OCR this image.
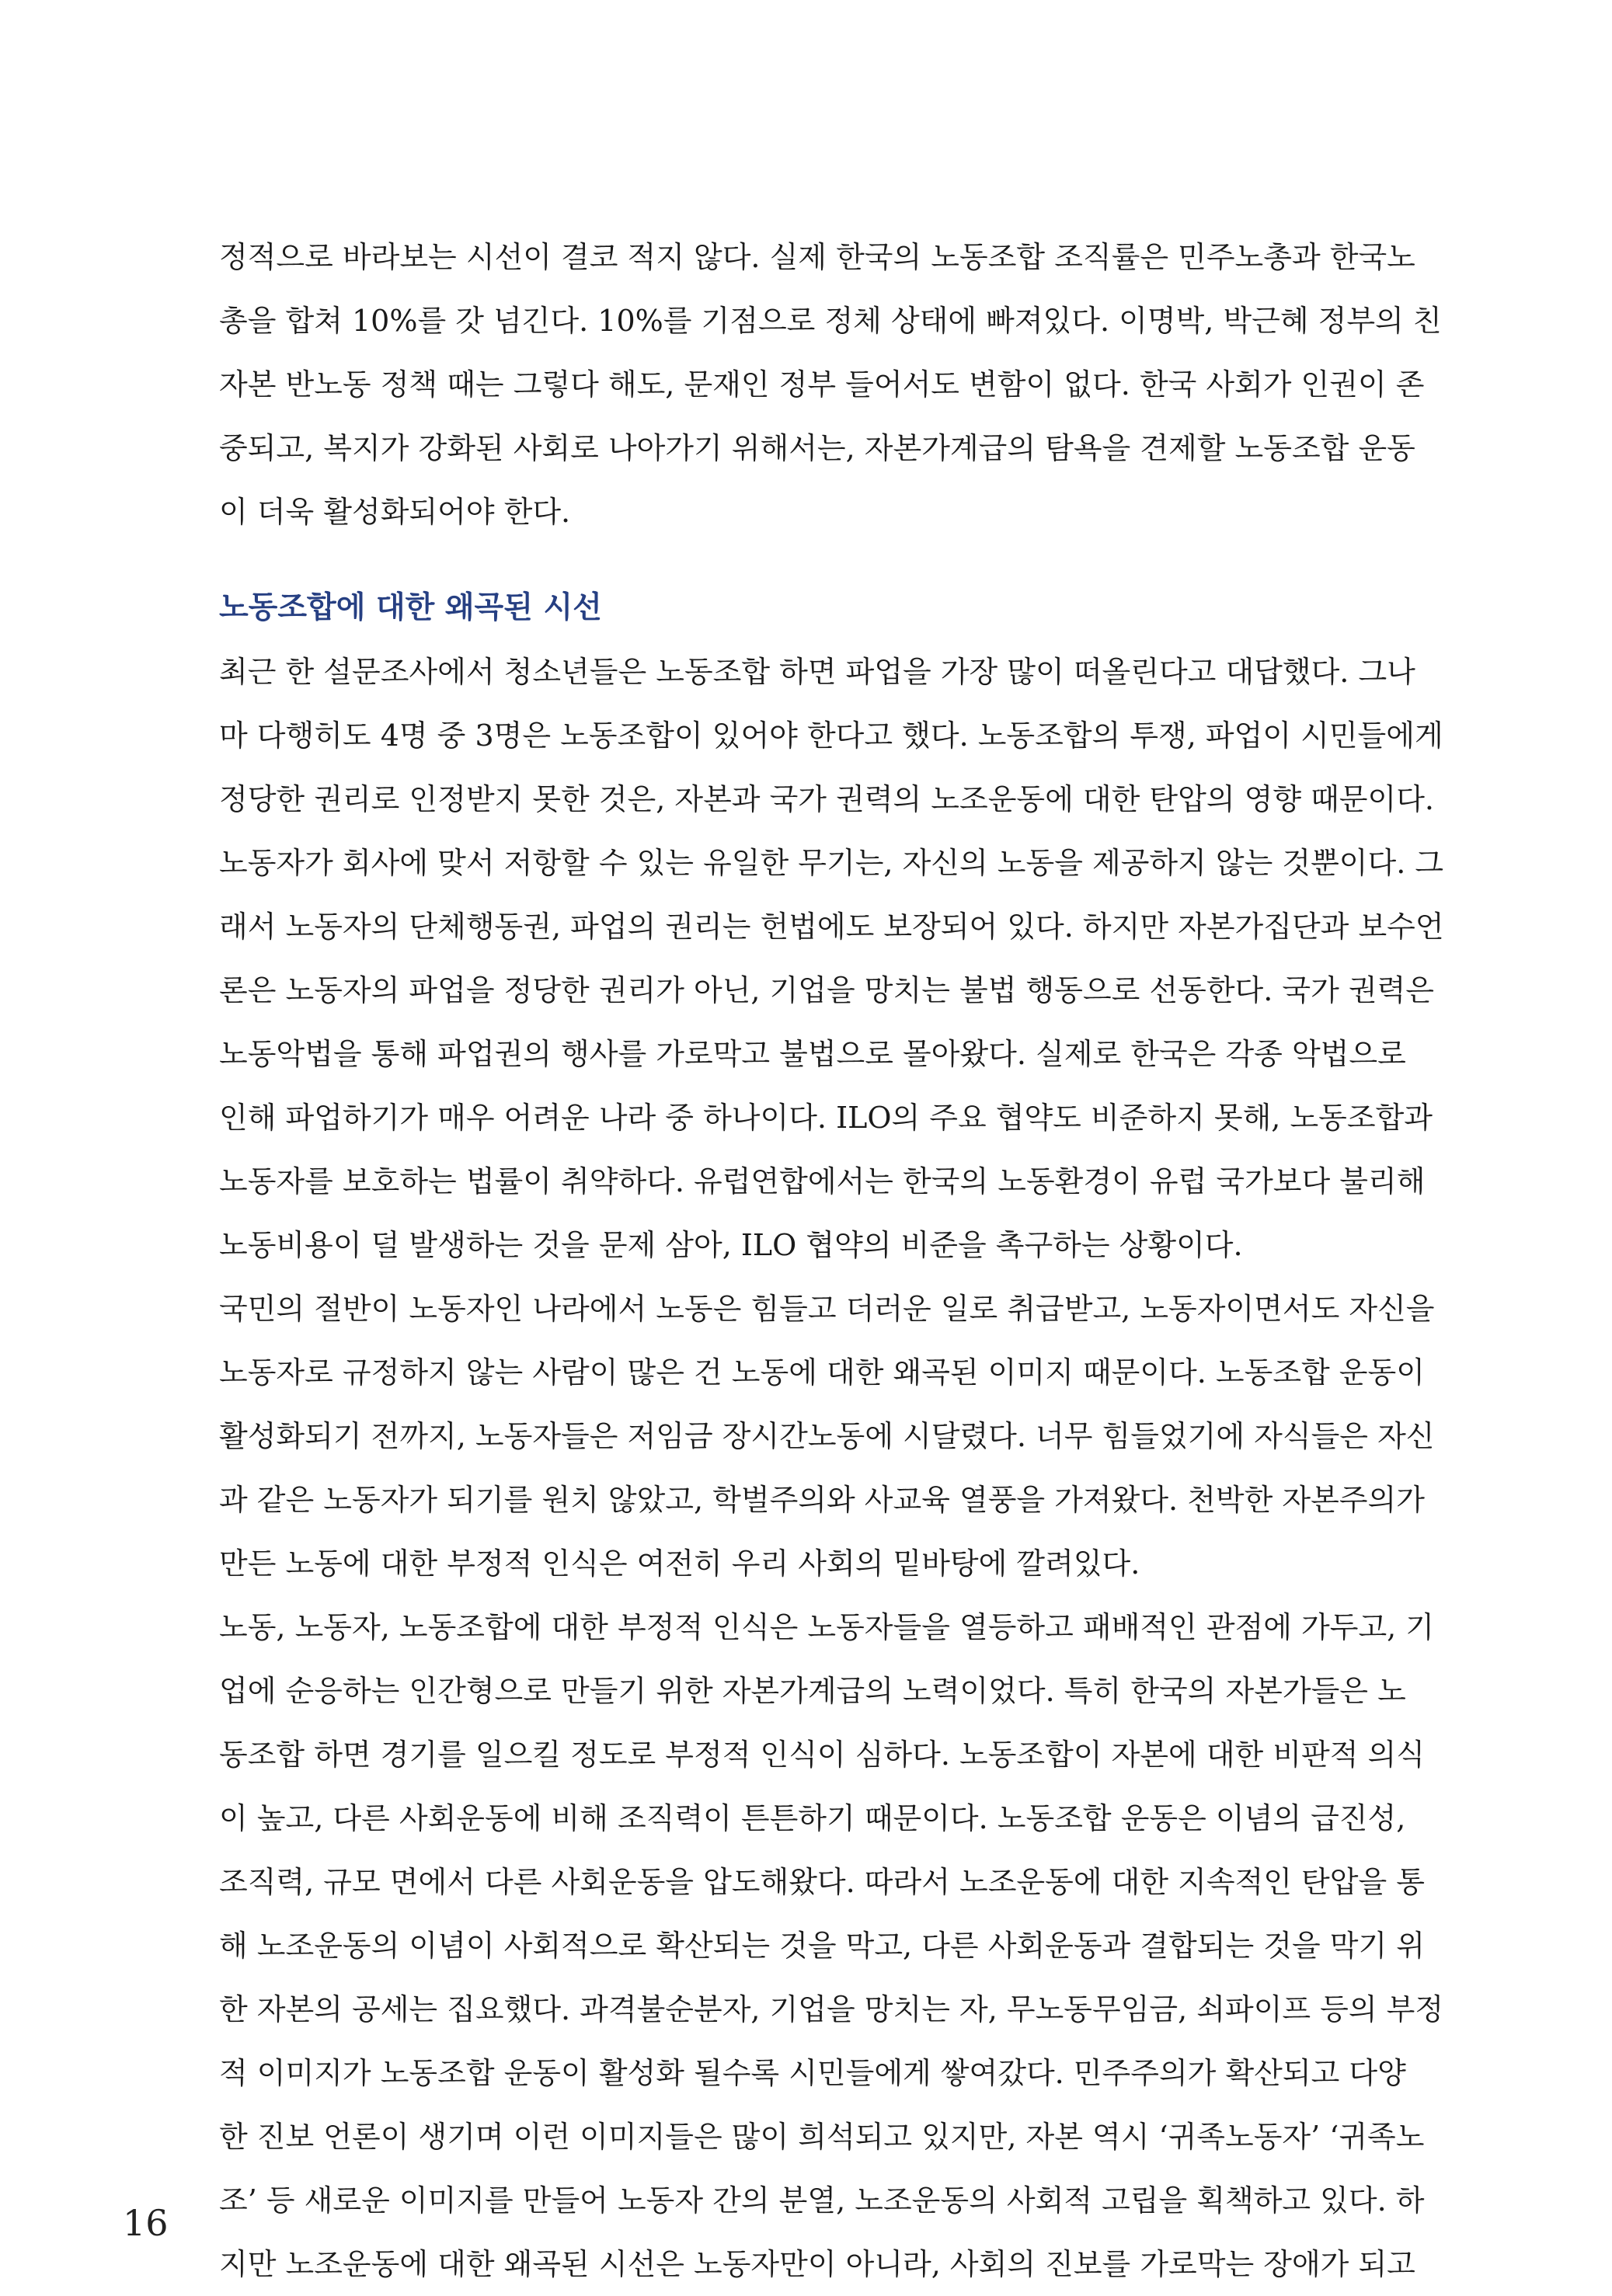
정적으로 바라보는 시선이 결코 적지 않다. 실제 한국의 노동조합 조직률은 민주노총과 한국노
총을 합쳐 10%를 갓 넘긴다. 10%를 기점으로 정체 상태에 빠져있다. 이명박, 박근혜 정부의 친
자본 반노동 정책 때는 그렇다 해도, 문재인 정부 들어서도 변함이 없다. 한국 사회가 인권이 존
중되고, 복지가 강화된 사회로 나아가기 위해서는, 자본가계급의 탐욕을 견제할 노동조합 운동
이 더욱 활성화되어야 한다.
노동조합에 대한 왜곡된 시선
최근 한 설문조사에서 청소년들은 노동조합 하면 파업을 가장 많이 떠올린다고 대답했다. 그나
마 다행히도 4명 중 3명은 노동조합이 있어야 한다고 했다. 노동조합의 투쟁, 파업이 시민들에게
정당한 권리로 인정받지 못한 것은, 자본과 국가 권력의 노조운동에 대한 탄압의 영향 때문이다.
노동자가 회사에 맞서 저항할 수 있는 유일한 무기는, 자신의 노동을 제공하지 않는 것뿐이다. 그
래서 노동자의 단체행동권, 파업의 권리는 헌법에도 보장되어 있다. 하지만 자본가집단과 보수언
론은 노동자의 파업을 정당한 권리가 아닌, 기업을 망치는 불법 행동으로 선동한다. 국가 권력은
노동악법을 통해 파업권의 행사를 가로막고 불법으로 몰아왔다. 실제로 한국은 각종 악법으로
인해 파업하기가 매우 어려운 나라 중 하나이다. ILO의 주요 협약도 비준하지 못해, 노동조합과
노동자를 보호하는 법률이 취약하다. 유럽연합에서는 한국의 노동환경이 유럽 국가보다 불리해
노동비용이 덜 발생하는 것을 문제 삼아, ILO 협약의 비준을 촉구하는 상황이다.
국민의 절반이 노동자인 나라에서 노동은 힘들고 더러운 일로 취급받고, 노동자이면서도 자신을
노동자로 규정하지 않는 사람이 많은 건 노동에 대한 왜곡된 이미지 때문이다. 노동조합 운동이
활성화되기 전까지, 노동자들은 저임금 장시간노동에 시달렸다. 너무 힘들었기에 자식들은 자신
과 같은 노동자가 되기를 원치 않았고, 학벌주의와 사교육 열풍을 가져왔다. 천박한 자본주의가
만든 노동에 대한 부정적 인식은 여전히 우리 사회의 밑바탕에 깔려있다.
노동, 노동자, 노동조합에 대한 부정적 인식은 노동자들을 열등하고 패배적인 관점에 가두고, 기
업에 순응하는 인간형으로 만들기 위한 자본가계급의 노력이었다. 특히 한국의 자본가들은 노
동조합 하면 경기를 일으킬 정도로 부정적 인식이 심하다. 노동조합이 자본에 대한 비판적 의식
이 높고, 다른 사회운동에 비해 조직력이 튼튼하기 때문이다. 노동조합 운동은 이념의 급진성,
조직력, 규모 면에서 다른 사회운동을 압도해왔다. 따라서 노조운동에 대한 지속적인 탄압을 통
해 노조운동의 이념이 사회적으로 확산되는 것을 막고, 다른 사회운동과 결합되는 것을 막기 위
한 자본의 공세는 집요했다. 과격불순분자, 기업을 망치는 자, 무노동무임금, 쇠파이프 등의 부정
적 이미지가 노동조합 운동이 활성화 될수록 시민들에게 쌓여갔다. 민주주의가 확산되고 다양
한 진보 언론이 생기며 이런 이미지들은 많이 희석되고 있지만, 자본 역시 ‘귀족노동자’ ‘귀족노
조’ 등 새로운 이미지를 만들어 노동자 간의 분열, 노조운동의 사회적 고립을 획책하고 있다. 하
지만 노조운동에 대한 왜곡된 시선은 노동자만이 아니라, 사회의 진보를 가로막는 장애가 되고
16
